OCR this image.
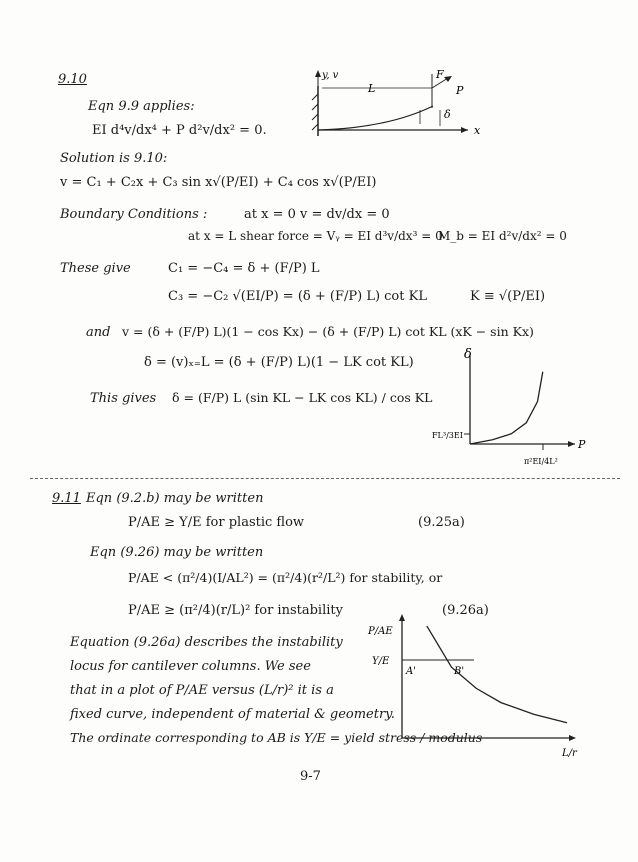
9.10
Eqn 9.9 applies:
EI d⁴v/dx⁴ + P d²v/dx² = 0.
Solution is 9.10:
v = C₁ + C₂x + C₃ sin x√(P/EI) + C₄ cos x√(P/EI)
Boundary Conditions :	at x = 0 v = dv/dx = 0
at x = L shear force = Vᵧ = EI d³v/dx³ = 0
M_b = EI d²v/dx² = 0
These give	C₁ = −C₄ = δ + (F/P) L
C₃ = −C₂ √(EI/P) = (δ + (F/P) L) cot KL	K ≡ √(P/EI)
and v = (δ + (F/P) L)(1 − cos Kx) − (δ + (F/P) L) cot KL (xK − sin Kx)
δ = (v)ₓ₌L = (δ + (F/P) L)(1 − LK cot KL)
This gives δ = (F/P) L (sin KL − LK cos KL) / cos KL
y, v
L
F
P
δ
x
δ
P
FL³/3EI
π²EI/4L²
9.11 Eqn (9.2.b) may be written
P/AE ≥ Y/E for plastic flow	(9.25a)
Eqn (9.26) may be written
P/AE < (π²/4)(I/AL²) = (π²/4)(r²/L²) for stability, or
P/AE ≥ (π²/4)(r/L)² for instability	(9.26a)
Equation (9.26a) describes the instability
locus for cantilever columns. We see
that in a plot of P/AE versus (L/r)² it is a
fixed curve, independent of material & geometry.
The ordinate corresponding to AB is Y/E = yield stress / modulus
P/AE
Y/E
A'	B'
L/r
9-7
